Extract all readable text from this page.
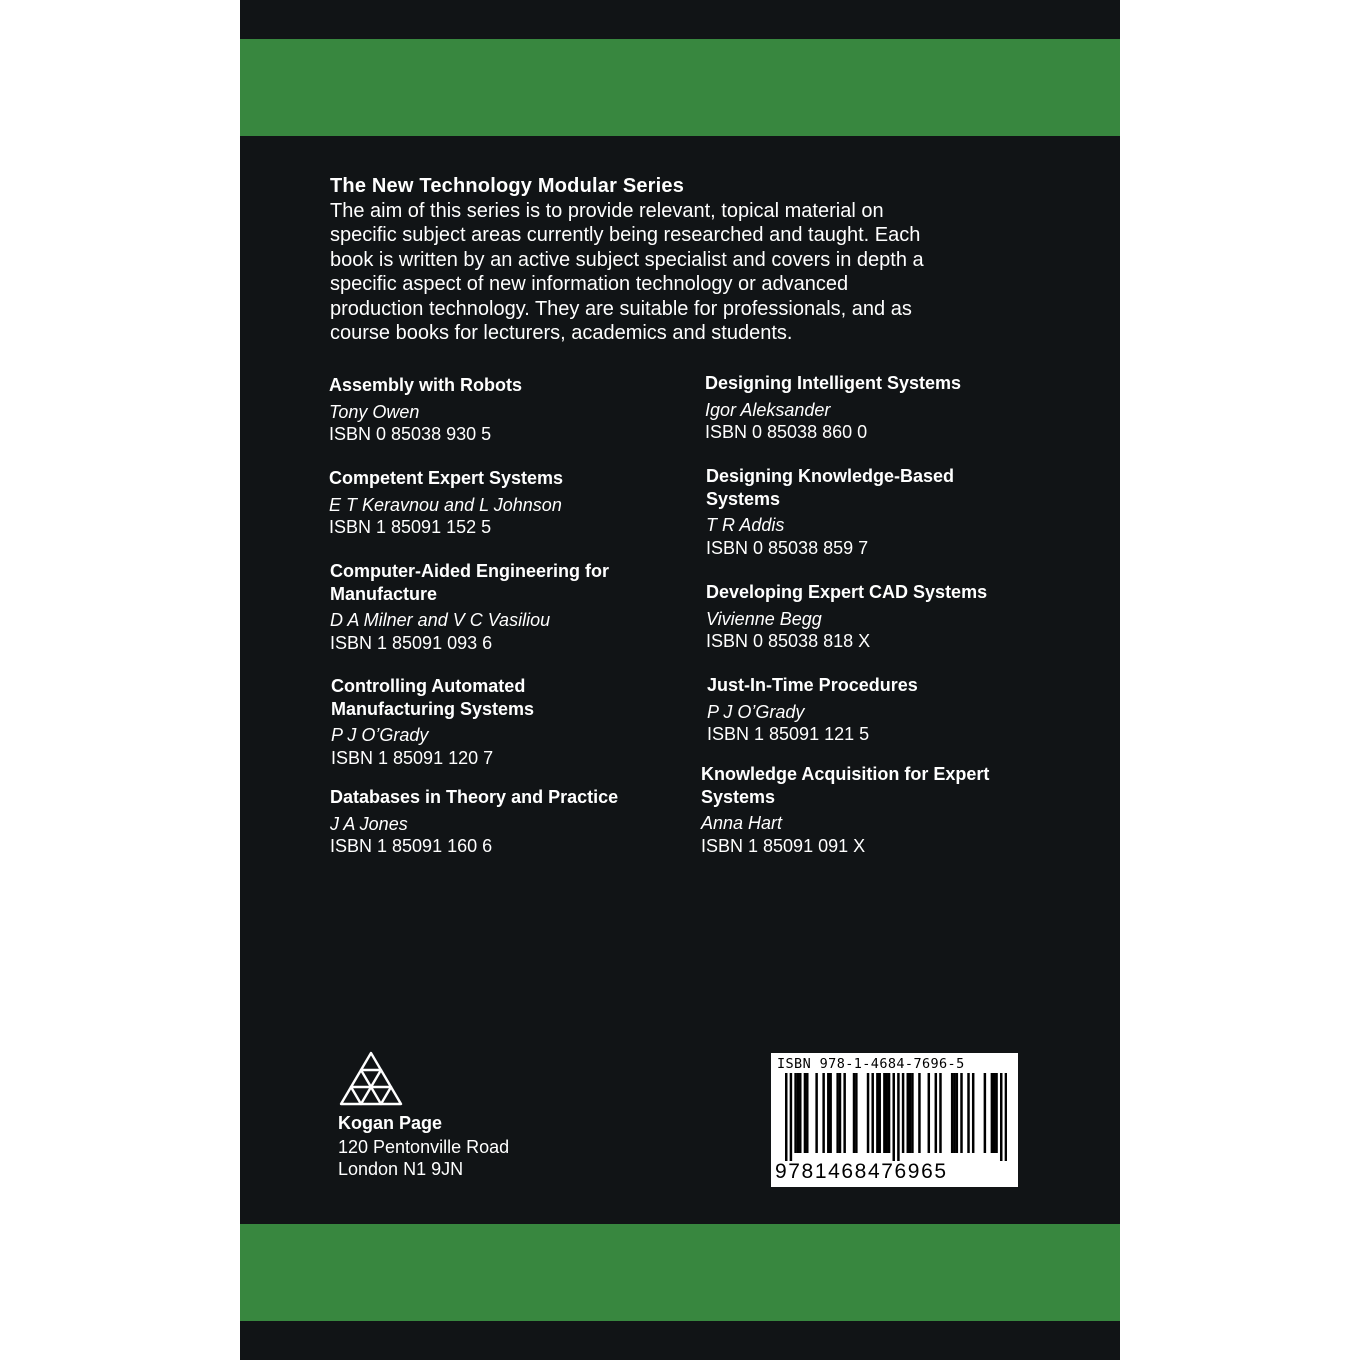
The New Technology Modular Series

The aim of this series is to provide relevant, topical material on
specific subject areas currently being researched and taught. Each
book is written by an active subject specialist and covers in depth a
specific aspect of new information technology or advanced
production technology. They are suitable for professionals, and as
course books for lecturers, academics and students.

Assembly with Robots
Tony Owen
ISBN 0 85038 930 5
Competent Expert Systems
E T Keravnou and L Johnson
ISBN 1 85091 152 5
Computer-Aided Engineering for
Manufacture
D A Milner and V C Vasiliou
ISBN 1 85091 093 6
Controlling Automated
Manufacturing Systems
P J O’Grady
ISBN 1 85091 120 7
Databases in Theory and Practice
J A Jones
ISBN 1 85091 160 6
Designing Intelligent Systems
Igor Aleksander
ISBN 0 85038 860 0
Designing Knowledge-Based
Systems
T R Addis
ISBN 0 85038 859 7
Developing Expert CAD Systems
Vivienne Begg
ISBN 0 85038 818 X
Just-In-Time Procedures
P J O’Grady
ISBN 1 85091 121 5
Knowledge Acquisition for Expert
Systems
Anna Hart
ISBN 1 85091 091 X
Kogan Page
120 Pentonville Road
London N1 9JN
ISBN 978-1-4684-7696-5
9781468476965
